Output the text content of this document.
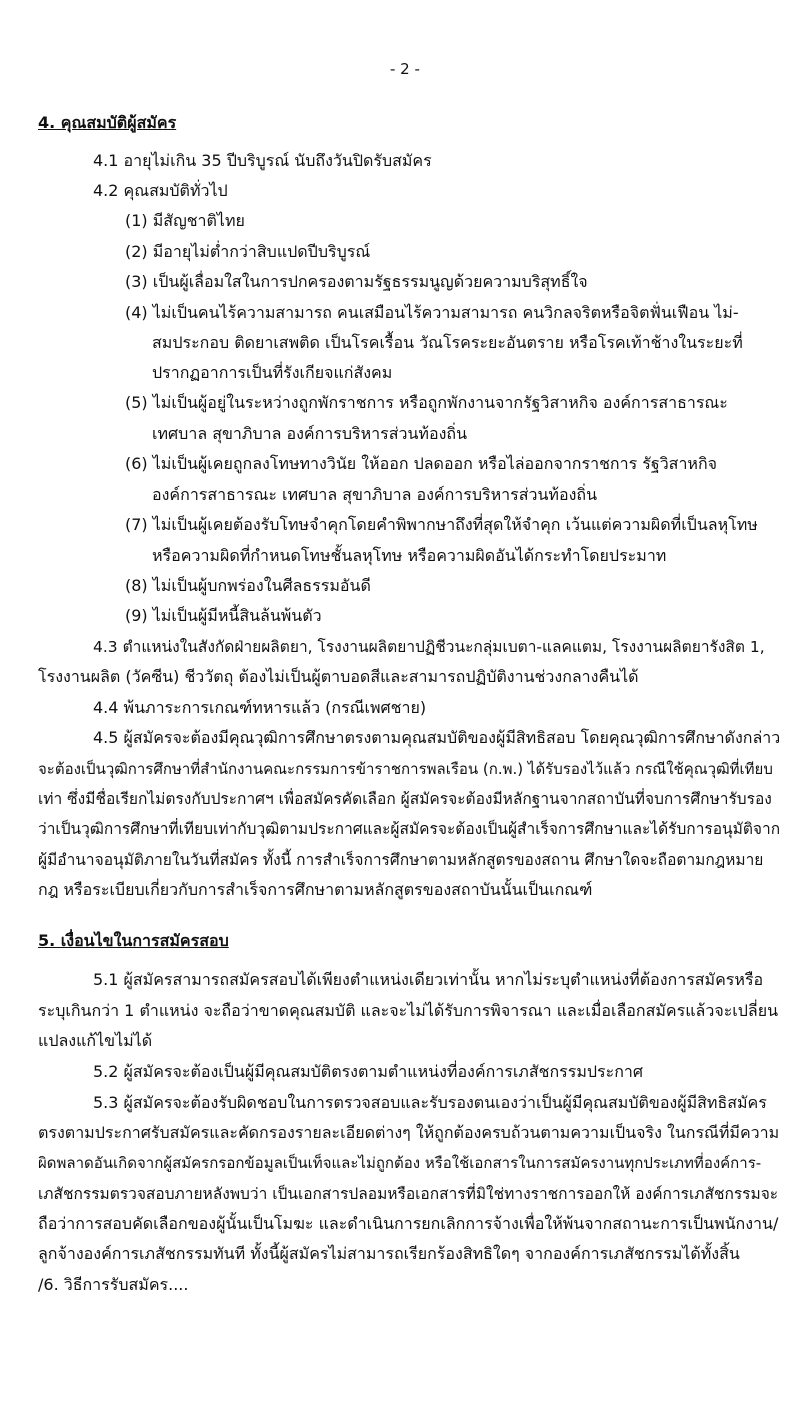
- 2 -
4. คุณสมบัติผู้สมัคร
4.1 อายุไม่เกิน 35 ปีบริบูรณ์ นับถึงวันปิดรับสมัคร
4.2 คุณสมบัติทั่วไป
(1) มีสัญชาติไทย
(2) มีอายุไม่ต่ำกว่าสิบแปดปีบริบูรณ์
(3) เป็นผู้เลื่อมใสในการปกครองตามรัฐธรรมนูญด้วยความบริสุทธิ์ใจ
(4) ไม่เป็นคนไร้ความสามารถ คนเสมือนไร้ความสามารถ คนวิกลจริตหรือจิตฟั่นเฟือน ไม่-
สมประกอบ ติดยาเสพติด เป็นโรคเรื้อน วัณโรคระยะอันตราย หรือโรคเท้าช้างในระยะที่
ปรากฏอาการเป็นที่รังเกียจแก่สังคม
(5) ไม่เป็นผู้อยู่ในระหว่างถูกพักราชการ หรือถูกพักงานจากรัฐวิสาหกิจ องค์การสาธารณะ
เทศบาล สุขาภิบาล องค์การบริหารส่วนท้องถิ่น
(6) ไม่เป็นผู้เคยถูกลงโทษทางวินัย ให้ออก ปลดออก หรือไล่ออกจากราชการ รัฐวิสาหกิจ
องค์การสาธารณะ เทศบาล สุขาภิบาล องค์การบริหารส่วนท้องถิ่น
(7) ไม่เป็นผู้เคยต้องรับโทษจำคุกโดยคำพิพากษาถึงที่สุดให้จำคุก เว้นแต่ความผิดที่เป็นลหุโทษ
หรือความผิดที่กำหนดโทษชั้นลหุโทษ หรือความผิดอันได้กระทำโดยประมาท
(8) ไม่เป็นผู้บกพร่องในศีลธรรมอันดี
(9) ไม่เป็นผู้มีหนี้สินล้นพ้นตัว
4.3 ตำแหน่งในสังกัดฝ่ายผลิตยา, โรงงานผลิตยาปฏิชีวนะกลุ่มเบตา-แลคแตม, โรงงานผลิตยารังสิต 1,
โรงงานผลิต (วัคซีน) ชีววัตถุ ต้องไม่เป็นผู้ตาบอดสีและสามารถปฏิบัติงานช่วงกลางคืนได้
4.4 พ้นภาระการเกณฑ์ทหารแล้ว (กรณีเพศชาย)
4.5 ผู้สมัครจะต้องมีคุณวุฒิการศึกษาตรงตามคุณสมบัติของผู้มีสิทธิสอบ โดยคุณวุฒิการศึกษาดังกล่าว
จะต้องเป็นวุฒิการศึกษาที่สำนักงานคณะกรรมการข้าราชการพลเรือน (ก.พ.) ได้รับรองไว้แล้ว กรณีใช้คุณวุฒิที่เทียบ
เท่า ซึ่งมีชื่อเรียกไม่ตรงกับประกาศฯ เพื่อสมัครคัดเลือก ผู้สมัครจะต้องมีหลักฐานจากสถาบันที่จบการศึกษารับรอง
ว่าเป็นวุฒิการศึกษาที่เทียบเท่ากับวุฒิตามประกาศและผู้สมัครจะต้องเป็นผู้สำเร็จการศึกษาและได้รับการอนุมัติจาก
ผู้มีอำนาจอนุมัติภายในวันที่สมัคร ทั้งนี้ การสำเร็จการศึกษาตามหลักสูตรของสถาน ศึกษาใดจะถือตามกฎหมาย
กฎ หรือระเบียบเกี่ยวกับการสำเร็จการศึกษาตามหลักสูตรของสถาบันนั้นเป็นเกณฑ์
5. เงื่อนไขในการสมัครสอบ
5.1 ผู้สมัครสามารถสมัครสอบได้เพียงตำแหน่งเดียวเท่านั้น หากไม่ระบุตำแหน่งที่ต้องการสมัครหรือ
ระบุเกินกว่า 1 ตำแหน่ง จะถือว่าขาดคุณสมบัติ และจะไม่ได้รับการพิจารณา และเมื่อเลือกสมัครแล้วจะเปลี่ยน
แปลงแก้ไขไม่ได้
5.2 ผู้สมัครจะต้องเป็นผู้มีคุณสมบัติตรงตามตำแหน่งที่องค์การเภสัชกรรมประกาศ
5.3 ผู้สมัครจะต้องรับผิดชอบในการตรวจสอบและรับรองตนเองว่าเป็นผู้มีคุณสมบัติของผู้มีสิทธิสมัคร
ตรงตามประกาศรับสมัครและคัดกรองรายละเอียดต่างๆ ให้ถูกต้องครบถ้วนตามความเป็นจริง ในกรณีที่มีความ
ผิดพลาดอันเกิดจากผู้สมัครกรอกข้อมูลเป็นเท็จและไม่ถูกต้อง หรือใช้เอกสารในการสมัครงานทุกประเภทที่องค์การ-
เภสัชกรรมตรวจสอบภายหลังพบว่า เป็นเอกสารปลอมหรือเอกสารที่มิใช่ทางราชการออกให้ องค์การเภสัชกรรมจะ
ถือว่าการสอบคัดเลือกของผู้นั้นเป็นโมฆะ และดำเนินการยกเลิกการจ้างเพื่อให้พ้นจากสถานะการเป็นพนักงาน/
ลูกจ้างองค์การเภสัชกรรมทันที ทั้งนี้ผู้สมัครไม่สามารถเรียกร้องสิทธิใดๆ จากองค์การเภสัชกรรมได้ทั้งสิ้น
/6. วิธีการรับสมัคร....
